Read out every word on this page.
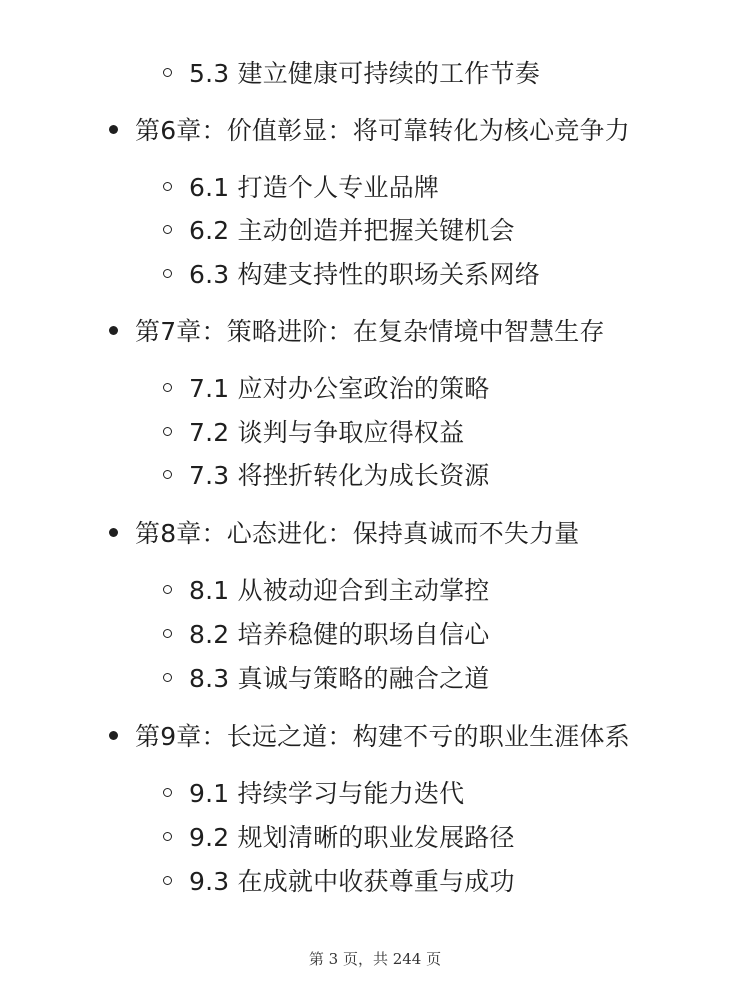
5.3 建立健康可持续的工作节奏
第6章：价值彰显：将可靠转化为核心竞争力
6.1 打造个人专业品牌
6.2 主动创造并把握关键机会
6.3 构建支持性的职场关系网络
第7章：策略进阶：在复杂情境中智慧生存
7.1 应对办公室政治的策略
7.2 谈判与争取应得权益
7.3 将挫折转化为成长资源
第8章：心态进化：保持真诚而不失力量
8.1 从被动迎合到主动掌控
8.2 培养稳健的职场自信心
8.3 真诚与策略的融合之道
第9章：长远之道：构建不亏的职业生涯体系
9.1 持续学习与能力迭代
9.2 规划清晰的职业发展路径
9.3 在成就中收获尊重与成功
第 3 页，共 244 页
